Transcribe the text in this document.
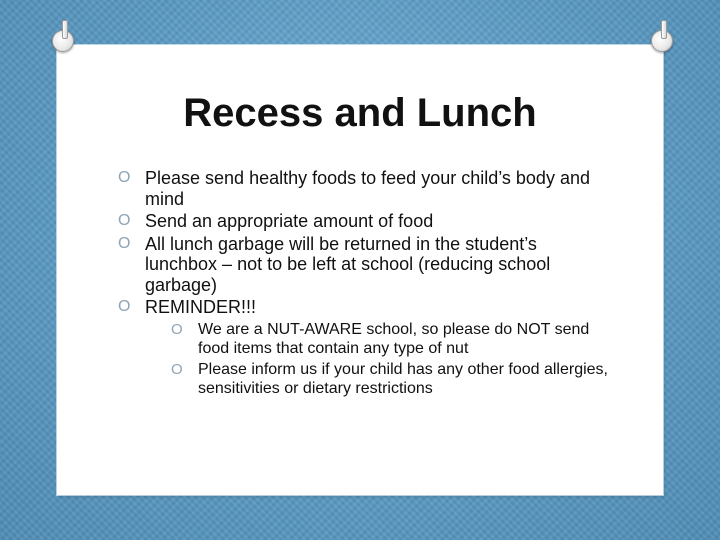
Recess and Lunch
O Please send healthy foods to feed your child’s body and mind
O Send an appropriate amount of food
O All lunch garbage will be returned in the student’s lunchbox – not to be left at school (reducing school garbage)
O REMINDER!!!
O We are a NUT-AWARE school, so please do NOT send food items that contain any type of nut
O Please inform us if your child has any other food allergies, sensitivities or dietary restrictions
